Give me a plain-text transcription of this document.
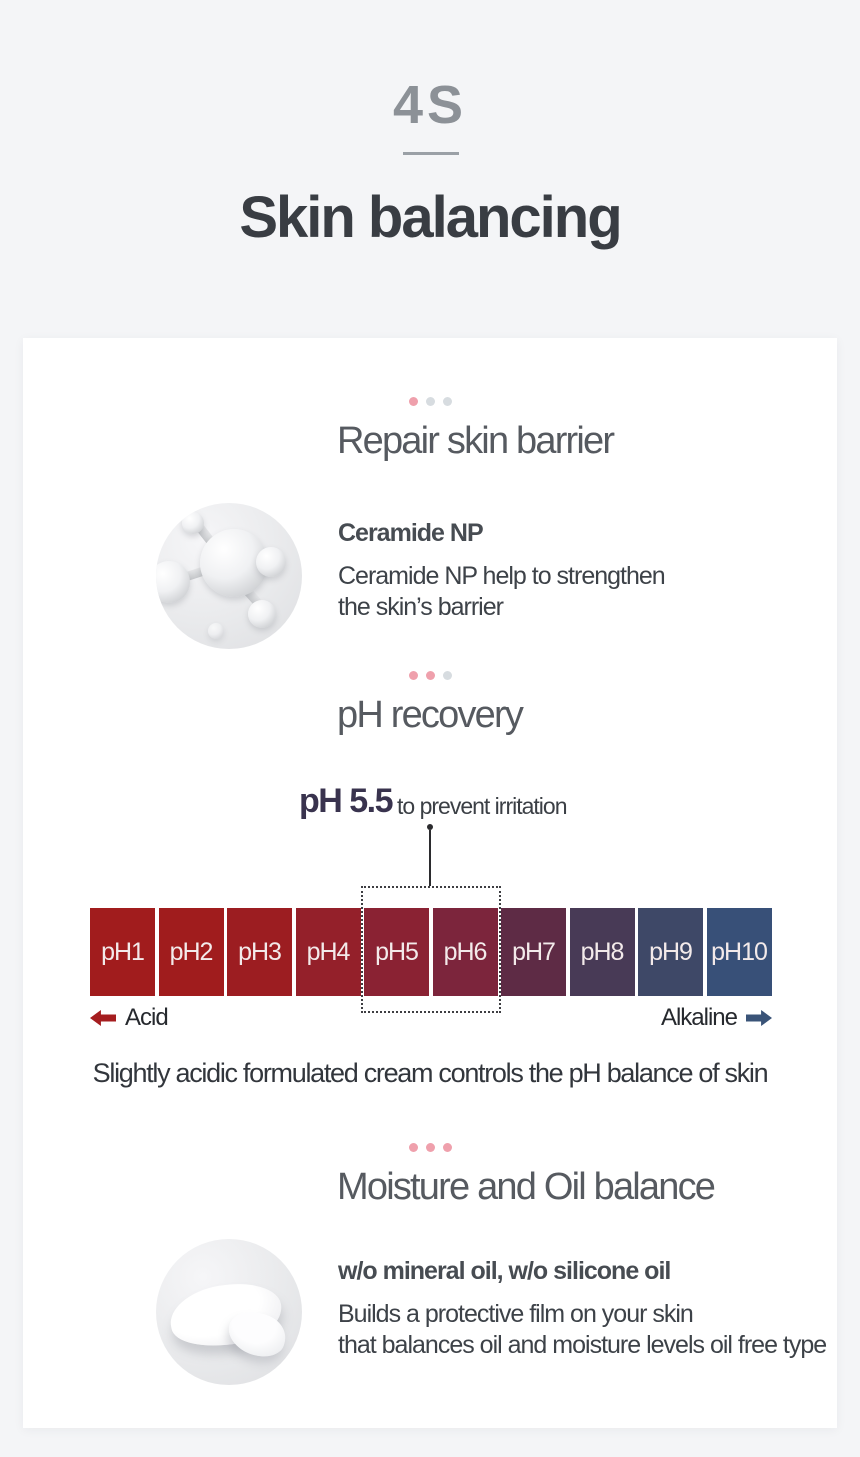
4S
Skin balancing
Repair skin barrier
Ceramide NP
Ceramide NP help to strengthen
the skin’s barrier
pH recovery
pH 5.5 to prevent irritation
pH1	pH2	pH3	pH4	pH5	pH6	pH7	pH8	pH9 pH10
Acid	Alkaline
Slightly acidic formulated cream controls the pH balance of skin
Moisture and Oil balance
w/o mineral oil, w/o silicone oil
Builds a protective film on your skin
that balances oil and moisture levels oil free type
